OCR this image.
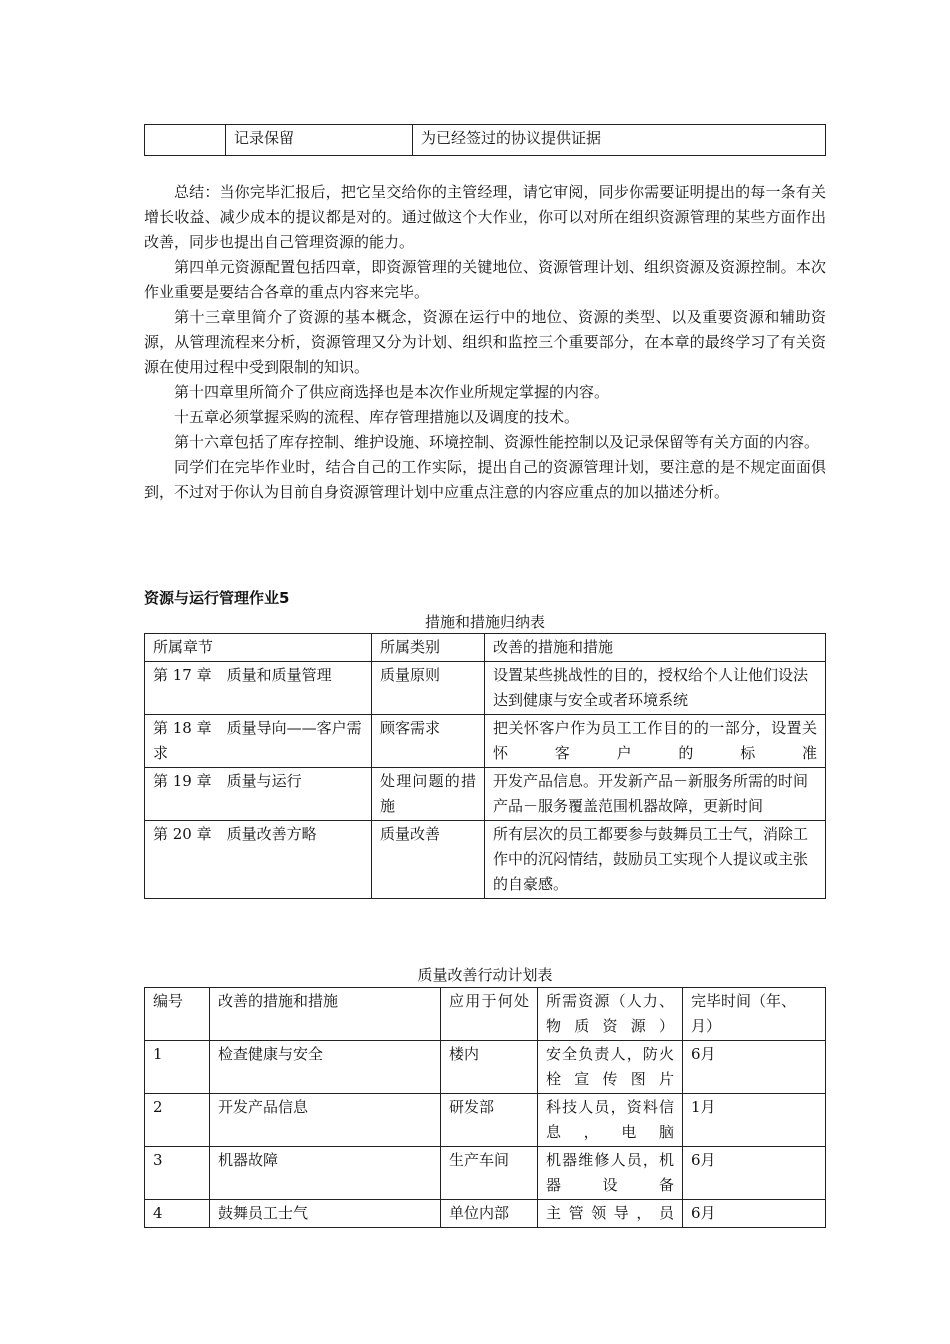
	记录保留	为已经签过的协议提供证据

总结：当你完毕汇报后，把它呈交给你的主管经理，请它审阅，同步你需要证明提出的每一条有关增长收益、减少成本的提议都是对的。通过做这个大作业，你可以对所在组织资源管理的某些方面作出改善，同步也提出自己管理资源的能力。

第四单元资源配置包括四章，即资源管理的关键地位、资源管理计划、组织资源及资源控制。本次作业重要是要结合各章的重点内容来完毕。

第十三章里简介了资源的基本概念，资源在运行中的地位、资源的类型、以及重要资源和辅助资源，从管理流程来分析，资源管理又分为计划、组织和监控三个重要部分，在本章的最终学习了有关资源在使用过程中受到限制的知识。

第十四章里所简介了供应商选择也是本次作业所规定掌握的内容。

十五章必须掌握采购的流程、库存管理措施以及调度的技术。

第十六章包括了库存控制、维护设施、环境控制、资源性能控制以及记录保留等有关方面的内容。

同学们在完毕作业时，结合自己的工作实际，提出自己的资源管理计划，要注意的是不规定面面俱到，不过对于你认为目前自身资源管理计划中应重点注意的内容应重点的加以描述分析。

资源与运行管理作业5
措施和措施归纳表
所属章节	所属类别	改善的措施和措施
第 17 章　质量和质量管理	质量原则	设置某些挑战性的目的，授权给个人让他们设法达到健康与安全或者环境系统
第 18 章　质量导向——客户需求	顾客需求	把关怀客户作为员工工作目的的一部分，设置关怀客户的标准
第 19 章　质量与运行	处理问题的措施	开发产品信息。开发新产品－新服务所需的时间产品－服务覆盖范围机器故障，更新时间
第 20 章　质量改善方略	质量改善	所有层次的员工都要参与鼓舞员工士气，消除工作中的沉闷情结，鼓励员工实现个人提议或主张的自豪感。
质量改善行动计划表
编号	改善的措施和措施	应用于何处	所需资源（人力、物质资源）	完毕时间（年、月）
1	检查健康与安全	楼内	安全负责人，防火栓宣传图片	6月
2	开发产品信息	研发部	科技人员，资料信息，电脑	1月
3	机器故障	生产车间	机器维修人员，机器设备	6月
4	鼓舞员工士气	单位内部	主管领导，员	6月
